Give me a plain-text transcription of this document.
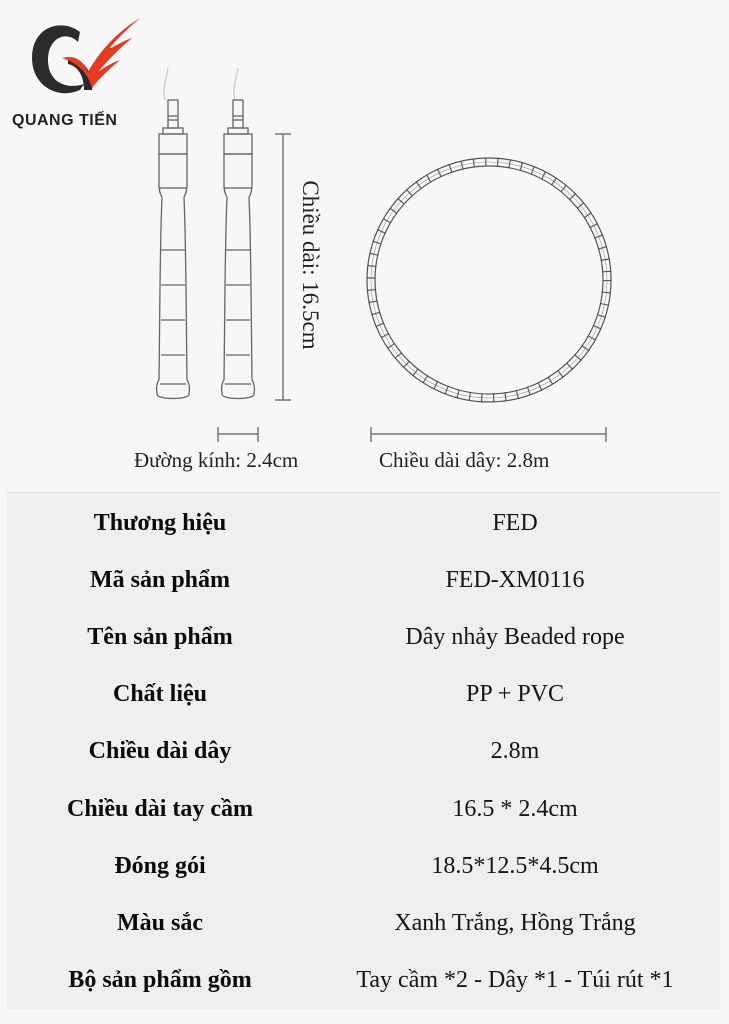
QUANG TIẾN
Chiều dài: 16.5cm
Đường kính: 2.4cm	Chiều dài dây: 2.8m
Thương hiệu	FED
Mã sản phẩm	FED-XM0116
Tên sản phẩm	Dây nhảy Beaded rope
Chất liệu	PP + PVC
Chiều dài dây	2.8m
Chiều dài tay cầm	16.5 * 2.4cm
Đóng gói	18.5*12.5*4.5cm
Màu sắc	Xanh Trắng, Hồng Trắng
Bộ sản phẩm gồm	Tay cầm *2 - Dây *1 - Túi rút *1
